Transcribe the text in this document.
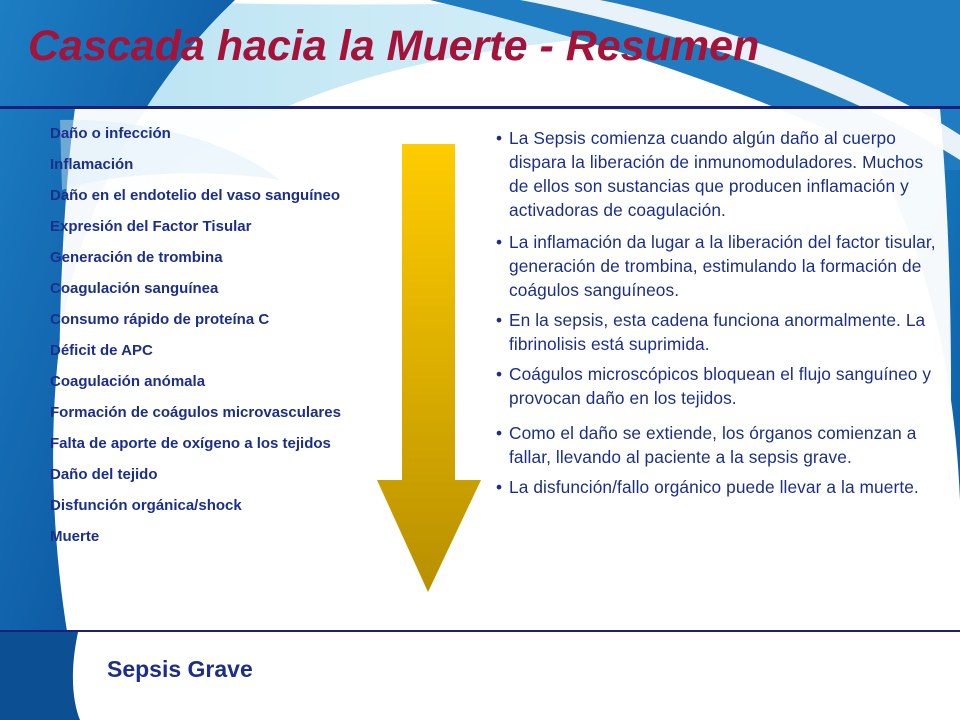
Cascada hacia la Muerte - Resumen
Daño o infección
Inflamación
Daño en el endotelio del vaso sanguíneo
Expresión del Factor Tisular
Generación de trombina
Coagulación sanguínea
Consumo rápido de proteína C
Déficit de APC
Coagulación anómala
Formación de coágulos microvasculares
Falta de aporte de oxígeno a los tejidos
Daño del tejido
Disfunción orgánica/shock
Muerte
• La Sepsis comienza cuando algún daño al cuerpo dispara la liberación de inmunomoduladores. Muchos de ellos son sustancias que producen inflamación y activadoras de coagulación.
• La inflamación da lugar a la liberación del factor tisular, generación de trombina, estimulando la formación de coágulos sanguíneos.
• En la sepsis, esta cadena funciona anormalmente. La fibrinolisis está suprimida.
• Coágulos microscópicos bloquean el flujo sanguíneo y provocan daño en los tejidos.
• Como el daño se extiende, los órganos comienzan a fallar, llevando al paciente a la sepsis grave.
• La disfunción/fallo orgánico puede llevar a la muerte.
Sepsis Grave
